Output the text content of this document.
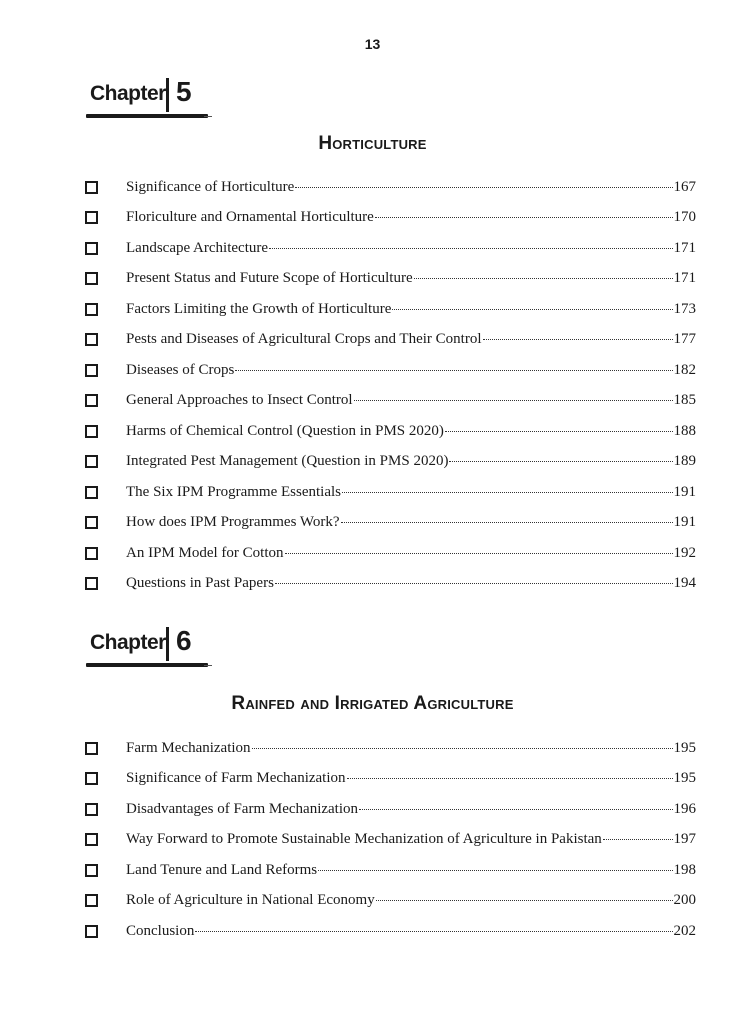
13
Chapter 5
Horticulture
Significance of Horticulture	167
Floriculture and Ornamental Horticulture	170
Landscape Architecture	171
Present Status and Future Scope of Horticulture	171
Factors Limiting the Growth of Horticulture	173
Pests and Diseases of Agricultural Crops and Their Control	177
Diseases of Crops	182
General Approaches to Insect Control	185
Harms of Chemical Control (Question in PMS 2020)	188
Integrated Pest Management (Question in PMS 2020)	189
The Six IPM Programme Essentials	191
How does IPM Programmes Work?	191
An IPM Model for Cotton	192
Questions in Past Papers	194
Chapter 6
Rainfed and Irrigated Agriculture
Farm Mechanization	195
Significance of Farm Mechanization	195
Disadvantages of Farm Mechanization	196
Way Forward to Promote Sustainable Mechanization of Agriculture in Pakistan	197
Land Tenure and Land Reforms	198
Role of Agriculture in National Economy	200
Conclusion	202
